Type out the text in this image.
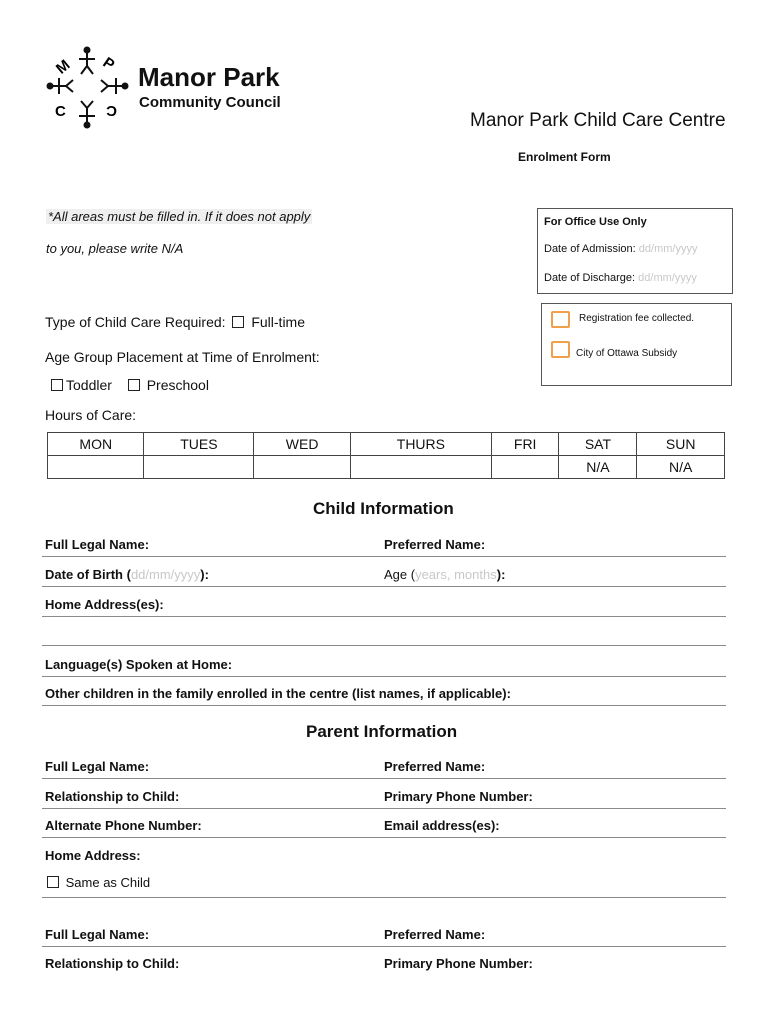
M P
C	C
Manor Park
Community Council
Manor Park Child Care Centre
Enrolment Form
*All areas must be filled in. If it does not apply
to you, please write N/A
For Office Use Only
Date of Admission: dd/mm/yyyy
Date of Discharge: dd/mm/yyyy
Registration fee collected.
City of Ottawa Subsidy
Type of Child Care Required: Full-time
Age Group Placement at Time of Enrolment:
Toddler Preschool
Hours of Care:
MON	TUES	WED	THURS	FRI	SAT	SUN
					N/A	N/A
Child Information
Full Legal Name:	Preferred Name:
Date of Birth (dd/mm/yyyy):	Age (years, months):
Home Address(es):
Language(s) Spoken at Home:
Other children in the family enrolled in the centre (list names, if applicable):
Parent Information
Full Legal Name:	Preferred Name:
Relationship to Child:	Primary Phone Number:
Alternate Phone Number:	Email address(es):
Home Address:
Same as Child
Full Legal Name:	Preferred Name:
Relationship to Child:	Primary Phone Number:
